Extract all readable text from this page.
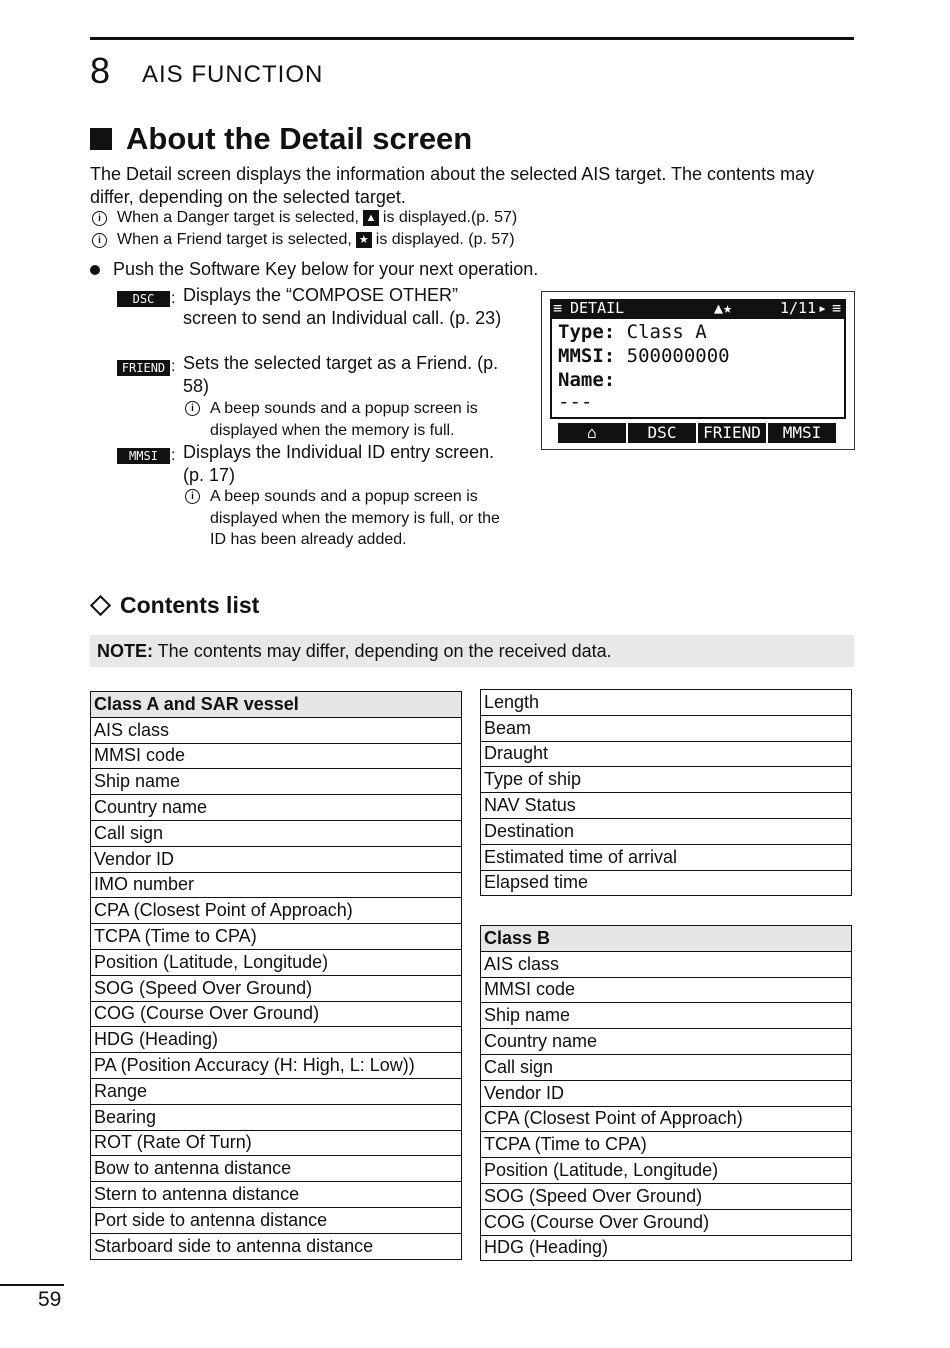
8 AIS FUNCTION
About the Detail screen
The Detail screen displays the information about the selected AIS target. The contents may differ, depending on the selected target.
i	When a Danger target is selected, ▲ is displayed.(p. 57)
i	When a Friend target is selected, ★ is displayed. (p. 57)
Push the Software Key below for your next operation.
DSC	: Displays the “COMPOSE OTHER” screen to send an Individual call. (p. 23)
FRIEND : Sets the selected target as a Friend. (p. 58)
i	A beep sounds and a popup screen is displayed when the memory is full.
MMSI : Displays the Individual ID entry screen. (p. 17)
i	A beep sounds and a popup screen is displayed when the memory is full, or the ID has been already added.
≡ DETAIL	▲★	1/11 ▸ ≡
Type: Class A
MMSI: 500000000
Name:
---
⌂	DSC	FRIEND	MMSI
Contents list
NOTE: The contents may differ, depending on the received data.
Class A and SAR vessel
AIS class
MMSI code
Ship name
Country name
Call sign
Vendor ID
IMO number
CPA (Closest Point of Approach)
TCPA (Time to CPA)
Position (Latitude, Longitude)
SOG (Speed Over Ground)
COG (Course Over Ground)
HDG (Heading)
PA (Position Accuracy (H: High, L: Low))
Range
Bearing
ROT (Rate Of Turn)
Bow to antenna distance
Stern to antenna distance
Port side to antenna distance
Starboard side to antenna distance
Length
Beam
Draught
Type of ship
NAV Status
Destination
Estimated time of arrival
Elapsed time
Class B
AIS class
MMSI code
Ship name
Country name
Call sign
Vendor ID
CPA (Closest Point of Approach)
TCPA (Time to CPA)
Position (Latitude, Longitude)
SOG (Speed Over Ground)
COG (Course Over Ground)
HDG (Heading)
59
